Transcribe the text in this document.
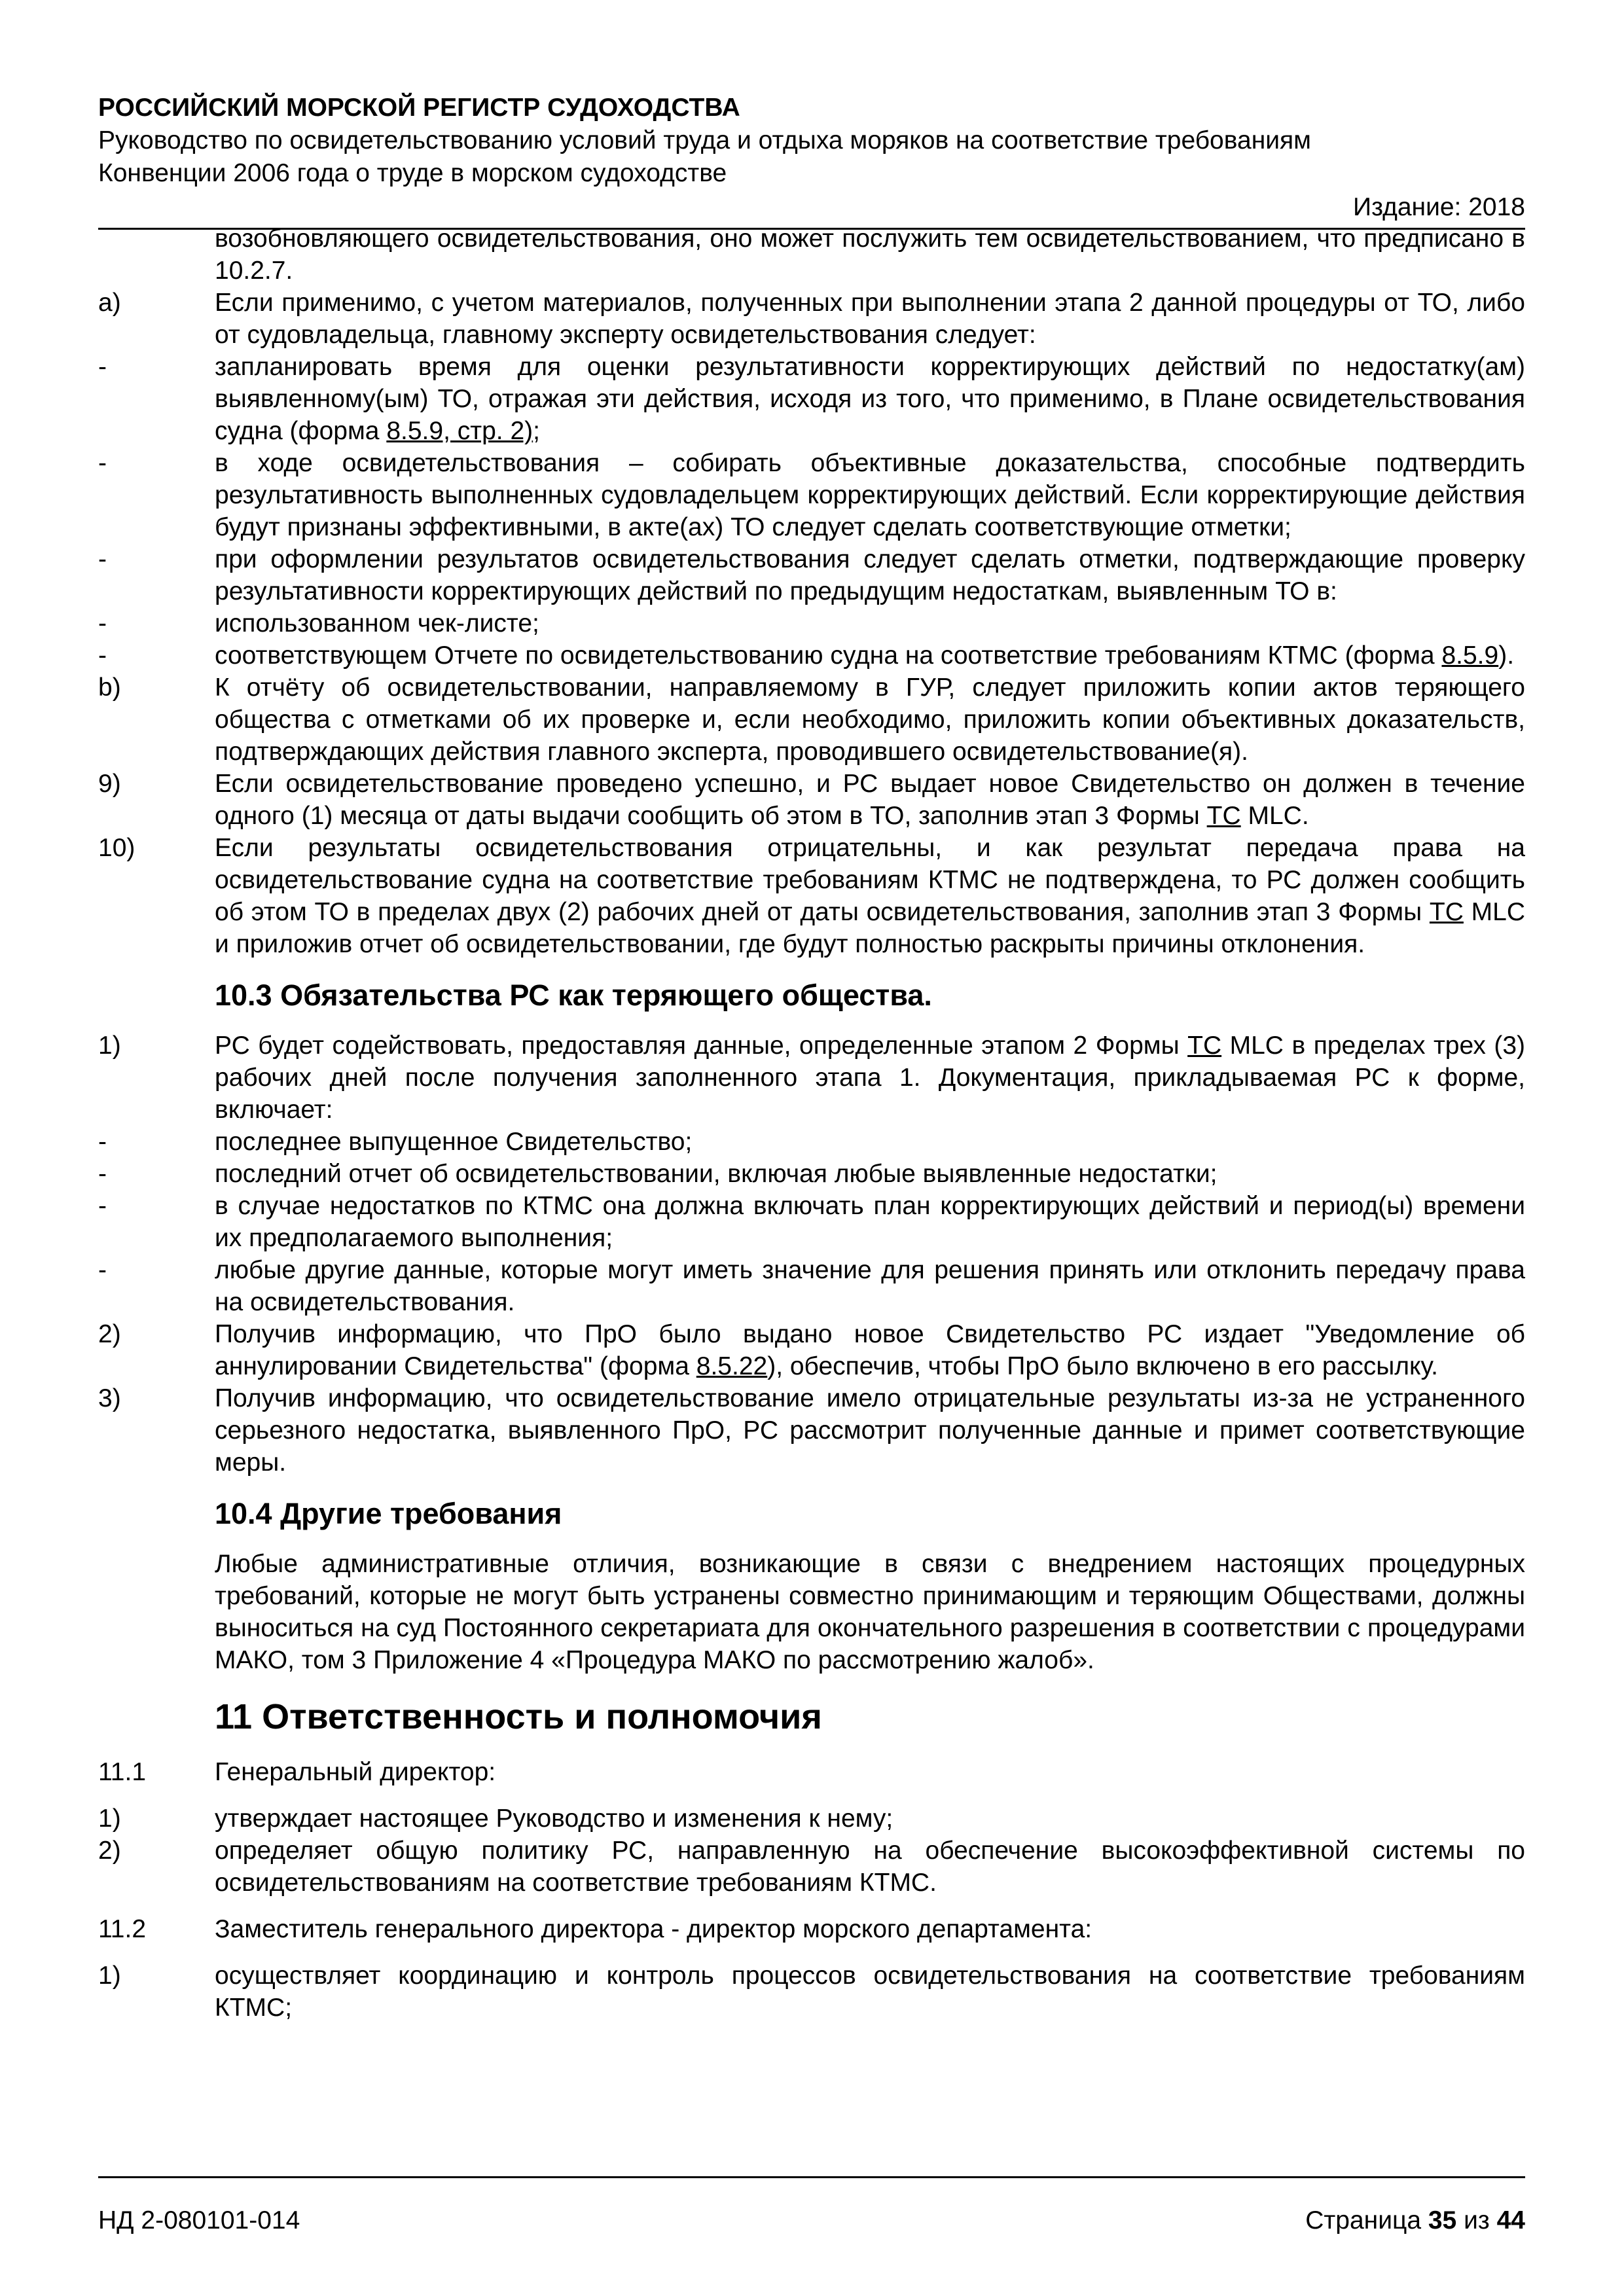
РОССИЙСКИЙ МОРСКОЙ РЕГИСТР СУДОХОДСТВА
Руководство по освидетельствованию условий труда и отдыха моряков на соответствие требованиям
Конвенции 2006 года о труде в морском судоходстве
Издание: 2018
возобновляющего освидетельствования, оно может послужить тем освидетельствованием, что предписано в 10.2.7.
a)	Если применимо, с учетом материалов, полученных при выполнении этапа 2 данной процедуры от ТО, либо от судовладельца, главному эксперту освидетельствования следует:
-	запланировать время для оценки результативности корректирующих действий по недостатку(ам) выявленному(ым) ТО, отражая эти действия, исходя из того, что применимо, в Плане освидетельствования судна (форма 8.5.9, стр. 2);
-	в ходе освидетельствования – собирать объективные доказательства, способные подтвердить результативность выполненных судовладельцем корректирующих действий. Если корректирующие действия будут признаны эффективными, в акте(ах) ТО следует сделать соответствующие отметки;
-	при оформлении результатов освидетельствования следует сделать отметки, подтверждающие проверку результативности корректирующих действий по предыдущим недостаткам, выявленным ТО в:
-	использованном чек-листе;
-	соответствующем Отчете по освидетельствованию судна на соответствие требованиям КТМС (форма 8.5.9).
b)	К отчёту об освидетельствовании, направляемому в ГУР, следует приложить копии актов теряющего общества с отметками об их проверке и, если необходимо, приложить копии объективных доказательств, подтверждающих действия главного эксперта, проводившего освидетельствование(я).
9)	Если освидетельствование проведено успешно, и РС выдает новое Свидетельство он должен в течение одного (1) месяца от даты выдачи сообщить об этом в ТО, заполнив этап 3 Формы ТС MLC.
10)	Если результаты освидетельствования отрицательны, и как результат передача права на освидетельствование судна на соответствие требованиям КТМС не подтверждена, то РС должен сообщить об этом ТО в пределах двух (2) рабочих дней от даты освидетельствования, заполнив этап 3 Формы ТС MLC и приложив отчет об освидетельствовании, где будут полностью раскрыты причины отклонения.
10.3 Обязательства РС как теряющего общества.
1)	РС будет содействовать, предоставляя данные, определенные этапом 2 Формы ТС MLC в пределах трех (3) рабочих дней после получения заполненного этапа 1. Документация, прикладываемая РС к форме, включает:
-	последнее выпущенное Свидетельство;
-	последний отчет об освидетельствовании, включая любые выявленные недостатки;
-	в случае недостатков по КТМС она должна включать план корректирующих действий и период(ы) времени их предполагаемого выполнения;
-	любые другие данные, которые могут иметь значение для решения принять или отклонить передачу права на освидетельствования.
2)	Получив информацию, что ПрО было выдано новое Свидетельство РС издает "Уведомление об аннулировании Свидетельства" (форма 8.5.22), обеспечив, чтобы ПрО было включено в его рассылку.
3)	Получив информацию, что освидетельствование имело отрицательные результаты из-за не устраненного серьезного недостатка, выявленного ПрО, РС рассмотрит полученные данные и примет соответствующие меры.
10.4 Другие требования
Любые административные отличия, возникающие в связи с внедрением настоящих процедурных требований, которые не могут быть устранены совместно принимающим и теряющим Обществами, должны выноситься на суд Постоянного секретариата для окончательного разрешения в соответствии с процедурами МАКО, том 3 Приложение 4 «Процедура МАКО по рассмотрению жалоб».
11 Ответственность и полномочия
11.1	Генеральный директор:
1)	утверждает настоящее Руководство и изменения к нему;
2)	определяет общую политику РС, направленную на обеспечение высокоэффективной системы по освидетельствованиям на соответствие требованиям КТМС.
11.2	Заместитель генерального директора - директор морского департамента:
1)	осуществляет координацию и контроль процессов освидетельствования на соответствие требованиям КТМС;
НД 2-080101-014	Страница 35 из 44
